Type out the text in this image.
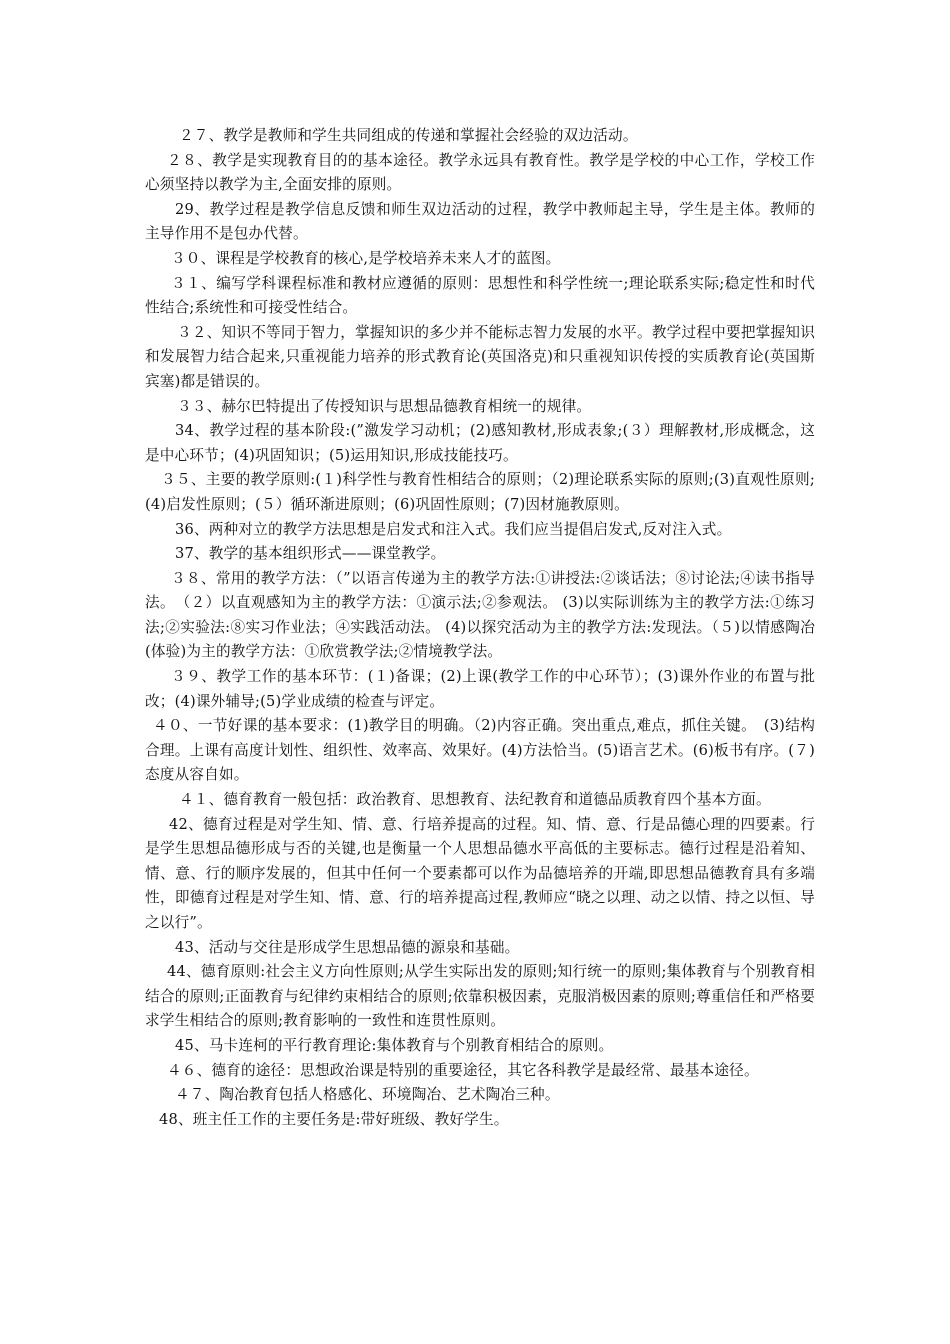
２７、教学是教师和学生共同组成的传递和掌握社会经验的双边活动。

２８、教学是实现教育目的的基本途径。教学永远具有教育性。教学是学校的中心工作，学校工作心须坚持以教学为主,全面安排的原则。

29、教学过程是教学信息反馈和师生双边活动的过程，教学中教师起主导，学生是主体。教师的主导作用不是包办代替。

３０、课程是学校教育的核心,是学校培养未来人才的蓝图。

３１、编写学科课程标准和教材应遵循的原则：思想性和科学性统一;理论联系实际;稳定性和时代性结合;系统性和可接受性结合。

３２、知识不等同于智力，掌握知识的多少并不能标志智力发展的水平。教学过程中要把掌握知识和发展智力结合起来,只重视能力培养的形式教育论(英国洛克)和只重视知识传授的实质教育论(英国斯宾塞)都是错误的。

３３、赫尔巴特提出了传授知识与思想品德教育相统一的规律。

34、教学过程的基本阶段:(”激发学习动机；(2)感知教材,形成表象;(３）理解教材,形成概念，这是中心环节；(4)巩固知识；(5)运用知识,形成技能技巧。

３５、主要的教学原则:(１)科学性与教育性相结合的原则；（2)理论联系实际的原则;(3)直观性原则;(4)启发性原则；(５）循环渐进原则；(6)巩固性原则；(7)因材施教原则。

36、两种对立的教学方法思想是启发式和注入式。我们应当提倡启发式,反对注入式。

37、教学的基本组织形式——课堂教学。

３８、常用的教学方法：（”以语言传递为主的教学方法:①讲授法:②谈话法；⑧讨论法;④读书指导法。　（２）以直观感知为主的教学方法：①演示法;②参观法。 (3)以实际训练为主的教学方法:①练习法;②实验法:⑧实习作业法；④实践活动法。 (4)以探究活动为主的教学方法:发现法。（５)以情感陶冶(体验)为主的教学方法：①欣赏教学法;②情境教学法。

３９、教学工作的基本环节：(１)备课；(2)上课(教学工作的中心环节）；(3)课外作业的布置与批改；(4)课外辅导;(5)学业成绩的检查与评定。

４０、一节好课的基本要求：(1)教学目的明确。（2)内容正确。突出重点,难点，抓住关键。　(3)结构合理。上课有高度计划性、组织性、效率高、效果好。(4)方法恰当。(5)语言艺术。(6)板书有序。(７)态度从容自如。

４１、德育教育一般包括：政治教育、思想教育、法纪教育和道德品质教育四个基本方面。

42、德育过程是对学生知、情、意、行培养提高的过程。知、情、意、行是品德心理的四要素。行是学生思想品德形成与否的关键,也是衡量一个人思想品德水平高低的主要标志。德行过程是沿着知、情、意、行的顺序发展的，但其中任何一个要素都可以作为品德培养的开端,即思想品德教育具有多端性，即德育过程是对学生知、情、意、行的培养提高过程,教师应“晓之以理、动之以情、持之以恒、导之以行”。

43、活动与交往是形成学生思想品德的源泉和基础。

44、德育原则:社会主义方向性原则;从学生实际出发的原则;知行统一的原则;集体教育与个别教育相结合的原则;正面教育与纪律约束相结合的原则;依靠积极因素，克服消极因素的原则;尊重信任和严格要求学生相结合的原则;教育影响的一致性和连贯性原则。

45、马卡连柯的平行教育理论:集体教育与个别教育相结合的原则。

４６、德育的途径：思想政治课是特别的重要途径，其它各科教学是最经常、最基本途径。

４７、陶冶教育包括人格感化、环境陶冶、艺术陶冶三种。

48、班主任工作的主要任务是:带好班级、教好学生。
